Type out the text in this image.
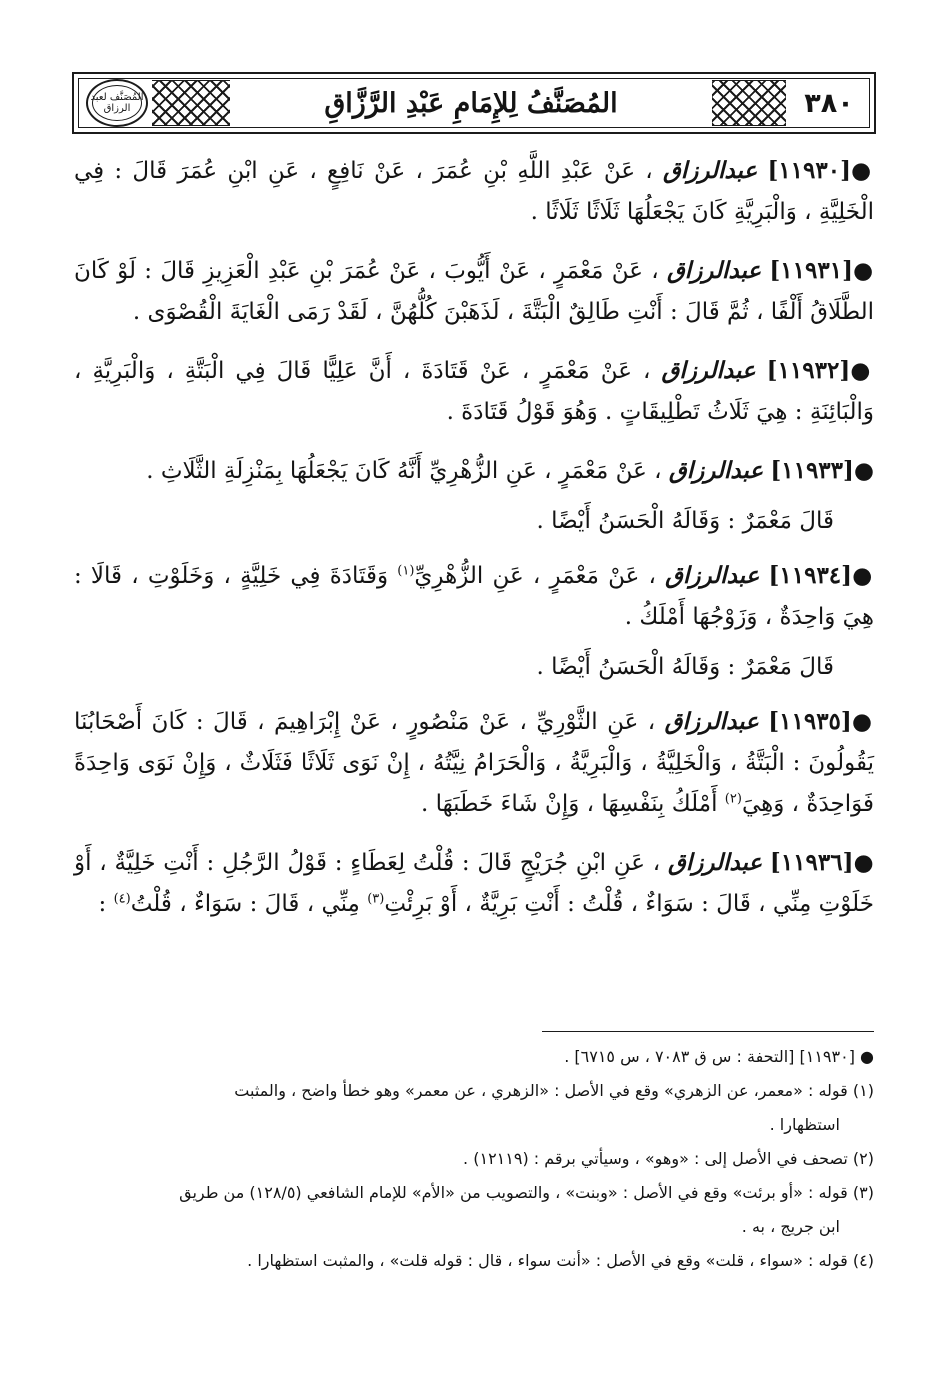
المُصَنَّف لعبد الرزاق	المُصَنَّفُ لِلإِمَامِ عَبْدِ الرَّزَّاقِ	٣٨٠

●[١١٩٣٠] عبدالرزاق ، عَنْ عَبْدِ اللَّهِ بْنِ عُمَرَ ، عَنْ نَافِعٍ ، عَنِ ابْنِ عُمَرَ قَالَ : فِي الْخَلِيَّةِ ، وَالْبَرِيَّةِ كَانَ يَجْعَلُهَا ثَلَاثًا ثَلَاثًا .

●[١١٩٣١] عبدالرزاق ، عَنْ مَعْمَرٍ ، عَنْ أَيُّوبَ ، عَنْ عُمَرَ بْنِ عَبْدِ الْعَزِيزِ قَالَ : لَوْ كَانَ الطَّلَاقُ أَلْفًا ، ثُمَّ قَالَ : أَنْتِ طَالِقٌ الْبَتَّةَ ، لَذَهَبْنَ كُلُّهُنَّ ، لَقَدْ رَمَى الْغَايَةَ الْقُصْوَى .

●[١١٩٣٢] عبدالرزاق ، عَنْ مَعْمَرٍ ، عَنْ قَتَادَةَ ، أَنَّ عَلِيًّا قَالَ فِي الْبَتَّةِ ، وَالْبَرِيَّةِ ، وَالْبَائِنَةِ : هِيَ ثَلَاثُ تَطْلِيقَاتٍ . وَهُوَ قَوْلُ قَتَادَةَ .

●[١١٩٣٣] عبدالرزاق ، عَنْ مَعْمَرٍ ، عَنِ الزُّهْرِيِّ أَنَّهُ كَانَ يَجْعَلُهَا بِمَنْزِلَةِ الثَّلَاثِ .

قَالَ مَعْمَرٌ : وَقَالَهُ الْحَسَنُ أَيْضًا .

●[١١٩٣٤] عبدالرزاق ، عَنْ مَعْمَرٍ ، عَنِ الزُّهْرِيِّ$^{(١)}$ وَقَتَادَةَ فِي خَلِيَّةٍ ، وَخَلَوْتِ ، قَالَا : هِيَ وَاحِدَةٌ ، وَزَوْجُهَا أَمْلَكُ .

قَالَ مَعْمَرٌ : وَقَالَهُ الْحَسَنُ أَيْضًا .

●[١١٩٣٥] عبدالرزاق ، عَنِ الثَّوْرِيِّ ، عَنْ مَنْصُورٍ ، عَنْ إِبْرَاهِيمَ ، قَالَ : كَانَ أَصْحَابُنَا يَقُولُونَ : الْبَتَّةُ ، وَالْخَلِيَّةُ ، وَالْبَرِيَّةُ ، وَالْحَرَامُ نِيَّتُهُ ، إِنْ نَوَى ثَلَاثًا فَثَلَاثٌ ، وَإِنْ نَوَى وَاحِدَةً فَوَاحِدَةٌ ، وَهِيَ$^{(٢)}$ أَمْلَكُ بِنَفْسِهَا ، وَإِنْ شَاءَ خَطَبَهَا .

●[١١٩٣٦] عبدالرزاق ، عَنِ ابْنِ جُرَيْجٍ قَالَ : قُلْتُ لِعَطَاءٍ : قَوْلُ الرَّجُلِ : أَنْتِ خَلِيَّةٌ ، أَوْ خَلَوْتِ مِنِّي ، قَالَ : سَوَاءٌ ، قُلْتُ : أَنْتِ بَرِيَّةٌ ، أَوْ بَرِئْتِ$^{(٣)}$ مِنِّي ، قَالَ : سَوَاءٌ ، قُلْتُ$^{(٤)}$ :

● [١١٩٣٠] [التحفة : س ق ٧٠٨٣ ، س ٦٧١٥] .

(١) قوله : «معمر، عن الزهري» وقع في الأصل : «الزهري ، عن معمر» وهو خطأ واضح ، والمثبت

استظهارا .

(٢) تصحف في الأصل إلى : «وهو» ، وسيأتي برقم : (١٢١١٩) .

(٣) قوله : «أو برئت» وقع في الأصل : «وبنت» ، والتصويب من «الأم» للإمام الشافعي (١٢٨/٥) من طريق

ابن جريج ، به .

(٤) قوله : «سواء ، قلت» وقع في الأصل : «أنت سواء ، قال : قوله قلت» ، والمثبت استظهارا .
